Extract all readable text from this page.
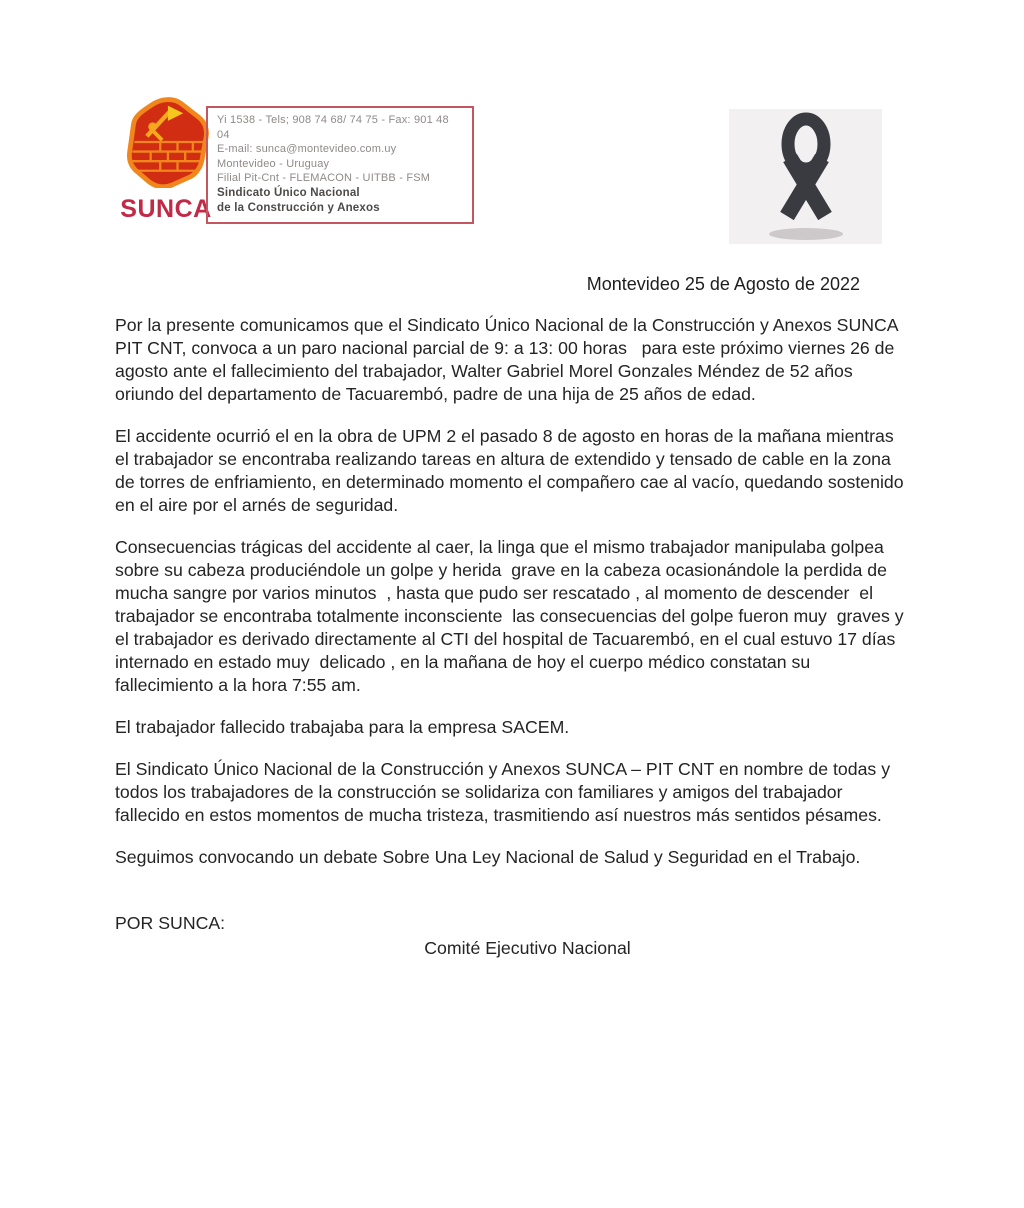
SUNCA
Yi 1538 - Tels; 908 74 68/ 74 75 - Fax: 901 48 04
E-mail: sunca@montevideo.com.uy
Montevideo - Uruguay
Filial Pit-Cnt - FLEMACON - UITBB - FSM
Sindicato Único Nacional
de la Construcción y Anexos
Montevideo 25 de Agosto de 2022

Por la presente comunicamos que el Sindicato Único Nacional de la Construcción y Anexos SUNCA PIT CNT, convoca a un paro nacional parcial de 9: a 13: 00 horas   para este próximo viernes 26 de agosto ante el fallecimiento del trabajador, Walter Gabriel Morel Gonzales Méndez de 52 años oriundo del departamento de Tacuarembó, padre de una hija de 25 años de edad.

El accidente ocurrió el en la obra de UPM 2 el pasado 8 de agosto en horas de la mañana mientras el trabajador se encontraba realizando tareas en altura de extendido y tensado de cable en la zona de torres de enfriamiento, en determinado momento el compañero cae al vacío, quedando sostenido en el aire por el arnés de seguridad.

Consecuencias trágicas del accidente al caer, la linga que el mismo trabajador manipulaba golpea sobre su cabeza produciéndole un golpe y herida  grave en la cabeza ocasionándole la perdida de mucha sangre por varios minutos  , hasta que pudo ser rescatado , al momento de descender  el trabajador se encontraba totalmente inconsciente  las consecuencias del golpe fueron muy  graves y el trabajador es derivado directamente al CTI del hospital de Tacuarembó, en el cual estuvo 17 días internado en estado muy  delicado , en la mañana de hoy el cuerpo médico constatan su fallecimiento a la hora 7:55 am.

El trabajador fallecido trabajaba para la empresa SACEM.

El Sindicato Único Nacional de la Construcción y Anexos SUNCA – PIT CNT en nombre de todas y todos los trabajadores de la construcción se solidariza con familiares y amigos del trabajador fallecido en estos momentos de mucha tristeza, trasmitiendo así nuestros más sentidos pésames.

Seguimos convocando un debate Sobre Una Ley Nacional de Salud y Seguridad en el Trabajo.

POR SUNCA:
Comité Ejecutivo Nacional
